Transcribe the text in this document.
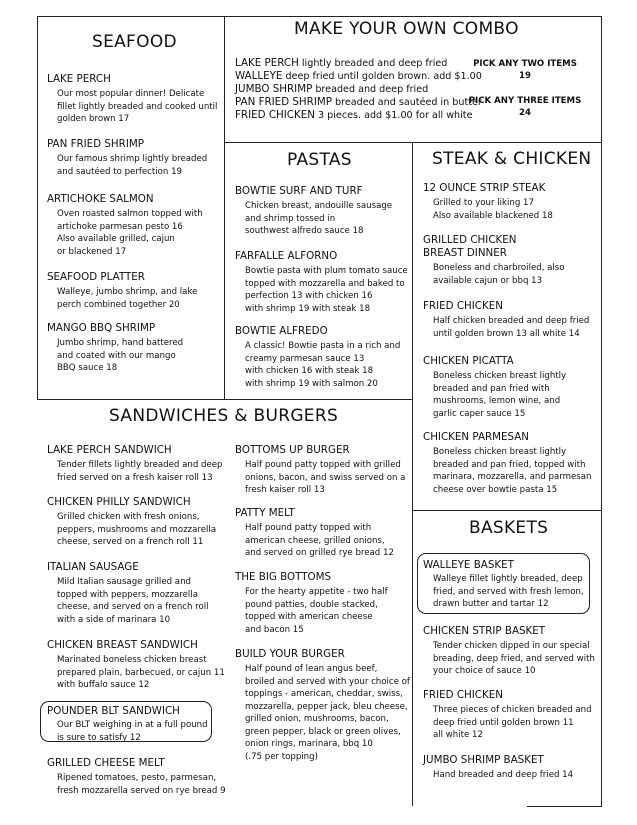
SEAFOOD
LAKE PERCH
Our most popular dinner! Delicate
fillet lightly breaded and cooked until
golden brown 17
PAN FRIED SHRIMP
Our famous shrimp lightly breaded
and sautéed to perfection 19
ARTICHOKE SALMON
Oven roasted salmon topped with
artichoke parmesan pesto 16
Also available grilled, cajun
or blackened 17
SEAFOOD PLATTER
Walleye, jumbo shrimp, and lake
perch combined together 20
MANGO BBQ SHRIMP
Jumbo shrimp, hand battered
and coated with our mango
BBQ sauce 18
MAKE YOUR OWN COMBO
LAKE PERCH lightly breaded and deep fried
WALLEYE deep fried until golden brown. add $1.00
JUMBO SHRIMP breaded and deep fried
PAN FRIED SHRIMP breaded and sautéed in butter
FRIED CHICKEN 3 pieces. add $1.00 for all white
PICK ANY TWO ITEMS
19
PICK ANY THREE ITEMS
24
PASTAS
BOWTIE SURF AND TURF
Chicken breast, andouille sausage
and shrimp tossed in
southwest alfredo sauce 18
FARFALLE ALFORNO
Bowtie pasta with plum tomato sauce
topped with mozzarella and baked to
perfection 13 with chicken 16
with shrimp 19 with steak 18
BOWTIE ALFREDO
A classic! Bowtie pasta in a rich and
creamy parmesan sauce 13
with chicken 16 with steak 18
with shrimp 19 with salmon 20
STEAK & CHICKEN
12 OUNCE STRIP STEAK
Grilled to your liking 17
Also available blackened 18
GRILLED CHICKEN
BREAST DINNER
Boneless and charbroiled, also
available cajun or bbq 13
FRIED CHICKEN
Half chicken breaded and deep fried
until golden brown 13 all white 14
CHICKEN PICATTA
Boneless chicken breast lightly
breaded and pan fried with
mushrooms, lemon wine, and
garlic caper sauce 15
CHICKEN PARMESAN
Boneless chicken breast lightly
breaded and pan fried, topped with
marinara, mozzarella, and parmesan
cheese over bowtie pasta 15
SANDWICHES & BURGERS
LAKE PERCH SANDWICH
Tender fillets lightly breaded and deep
fried served on a fresh kaiser roll 13
CHICKEN PHILLY SANDWICH
Grilled chicken with fresh onions,
peppers, mushrooms and mozzarella
cheese, served on a french roll 11
ITALIAN SAUSAGE
Mild Italian sausage grilled and
topped with peppers, mozzarella
cheese, and served on a french roll
with a side of marinara 10
CHICKEN BREAST SANDWICH
Marinated boneless chicken breast
prepared plain, barbecued, or cajun 11
with buffalo sauce 12
POUNDER BLT SANDWICH
Our BLT weighing in at a full pound
is sure to satisfy 12
GRILLED CHEESE MELT
Ripened tomatoes, pesto, parmesan,
fresh mozzarella served on rye bread 9
BOTTOMS UP BURGER
Half pound patty topped with grilled
onions, bacon, and swiss served on a
fresh kaiser roll 13
PATTY MELT
Half pound patty topped with
american cheese, grilled onions,
and served on grilled rye bread 12
THE BIG BOTTOMS
For the hearty appetite - two half
pound patties, double stacked,
topped with american cheese
and bacon 15
BUILD YOUR BURGER
Half pound of lean angus beef,
broiled and served with your choice of
toppings - american, cheddar, swiss,
mozzarella, pepper jack, bleu cheese,
grilled onion, mushrooms, bacon,
green pepper, black or green olives,
onion rings, marinara, bbq 10
(.75 per topping)
BASKETS
WALLEYE BASKET
Walleye fillet lightly breaded, deep
fried, and served with fresh lemon,
drawn butter and tartar 12
CHICKEN STRIP BASKET
Tender chicken dipped in our special
breading, deep fried, and served with
your choice of sauce 10
FRIED CHICKEN
Three pieces of chicken breaded and
deep fried until golden brown 11
all white 12
JUMBO SHRIMP BASKET
Hand breaded and deep fried 14
